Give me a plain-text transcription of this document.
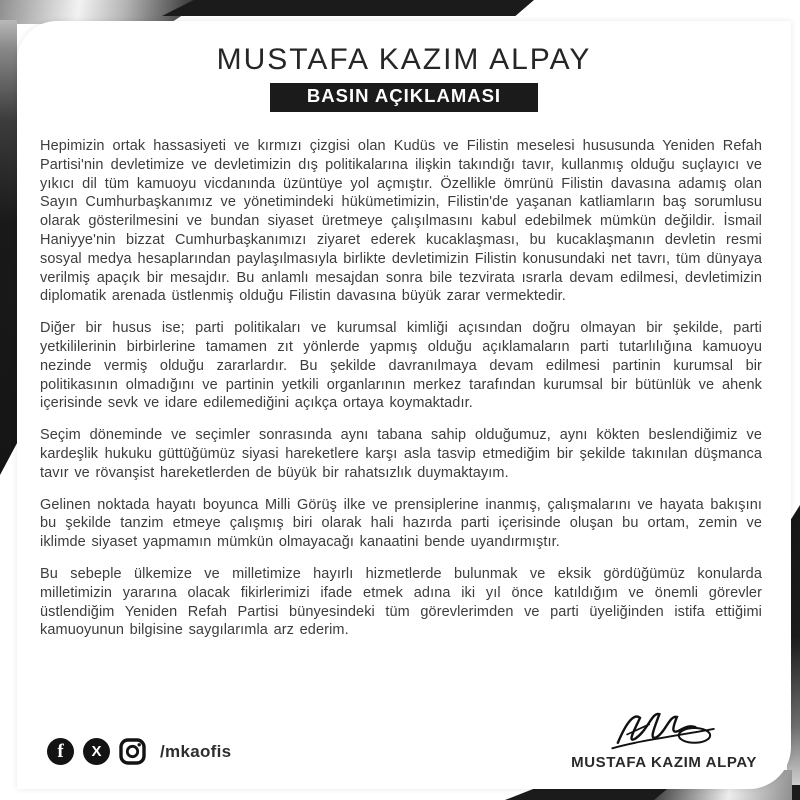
MUSTAFA KAZIM ALPAY
BASIN AÇIKLAMASI

Hepimizin ortak hassasiyeti ve kırmızı çizgisi olan Kudüs ve Filistin meselesi hususunda Yeniden Refah Partisi'nin devletimize ve devletimizin dış politikalarına ilişkin takındığı tavır, kullanmış olduğu suçlayıcı ve yıkıcı dil tüm kamuoyu vicdanında üzüntüye yol açmıştır. Özellikle ömrünü Filistin davasına adamış olan Sayın Cumhurbaşkanımız ve yönetimindeki hükümetimizin, Filistin'de yaşanan katliamların baş sorumlusu olarak gösterilmesini ve bundan siyaset üretmeye çalışılmasını kabul edebilmek mümkün değildir. İsmail Haniyye'nin bizzat Cumhurbaşkanımızı ziyaret ederek kucaklaşması, bu kucaklaşmanın devletin resmi sosyal medya hesaplarından paylaşılmasıyla birlikte devletimizin Filistin konusundaki net tavrı, tüm dünyaya verilmiş apaçık bir mesajdır. Bu anlamlı mesajdan sonra bile tezvirata ısrarla devam edilmesi, devletimizin diplomatik arenada üstlenmiş olduğu Filistin davasına büyük zarar vermektedir.

Diğer bir husus ise; parti politikaları ve kurumsal kimliği açısından doğru olmayan bir şekilde, parti yetkililerinin birbirlerine tamamen zıt yönlerde yapmış olduğu açıklamaların parti tutarlılığına kamuoyu nezinde vermiş olduğu zararlardır. Bu şekilde davranılmaya devam edilmesi partinin kurumsal bir politikasının olmadığını ve partinin yetkili organlarının merkez tarafından kurumsal bir bütünlük ve ahenk içerisinde sevk ve idare edilemediğini açıkça ortaya koymaktadır.

Seçim döneminde ve seçimler sonrasında aynı tabana sahip olduğumuz, aynı kökten beslendiğimiz ve kardeşlik hukuku güttüğümüz siyasi hareketlere karşı asla tasvip etmediğim bir şekilde takınılan düşmanca tavır ve rövanşist hareketlerden de büyük bir rahatsızlık duymaktayım.

Gelinen noktada hayatı boyunca Milli Görüş ilke ve prensiplerine inanmış, çalışmalarını ve hayata bakışını bu şekilde tanzim etmeye çalışmış biri olarak hali hazırda parti içerisinde oluşan bu ortam, zemin ve iklimde siyaset yapmamın mümkün olmayacağı kanaatini bende uyandırmıştır.

Bu sebeple ülkemize ve milletimize hayırlı hizmetlerde bulunmak ve eksik gördüğümüz konularda milletimizin yararına olacak fikirlerimizi ifade etmek adına iki yıl önce katıldığım ve önemli görevler üstlendiğim Yeniden Refah Partisi bünyesindeki tüm görevlerimden ve parti üyeliğinden istifa ettiğimi kamuoyunun bilgisine saygılarımla arz ederim.

f	X	/mkaofis
MUSTAFA KAZIM ALPAY
